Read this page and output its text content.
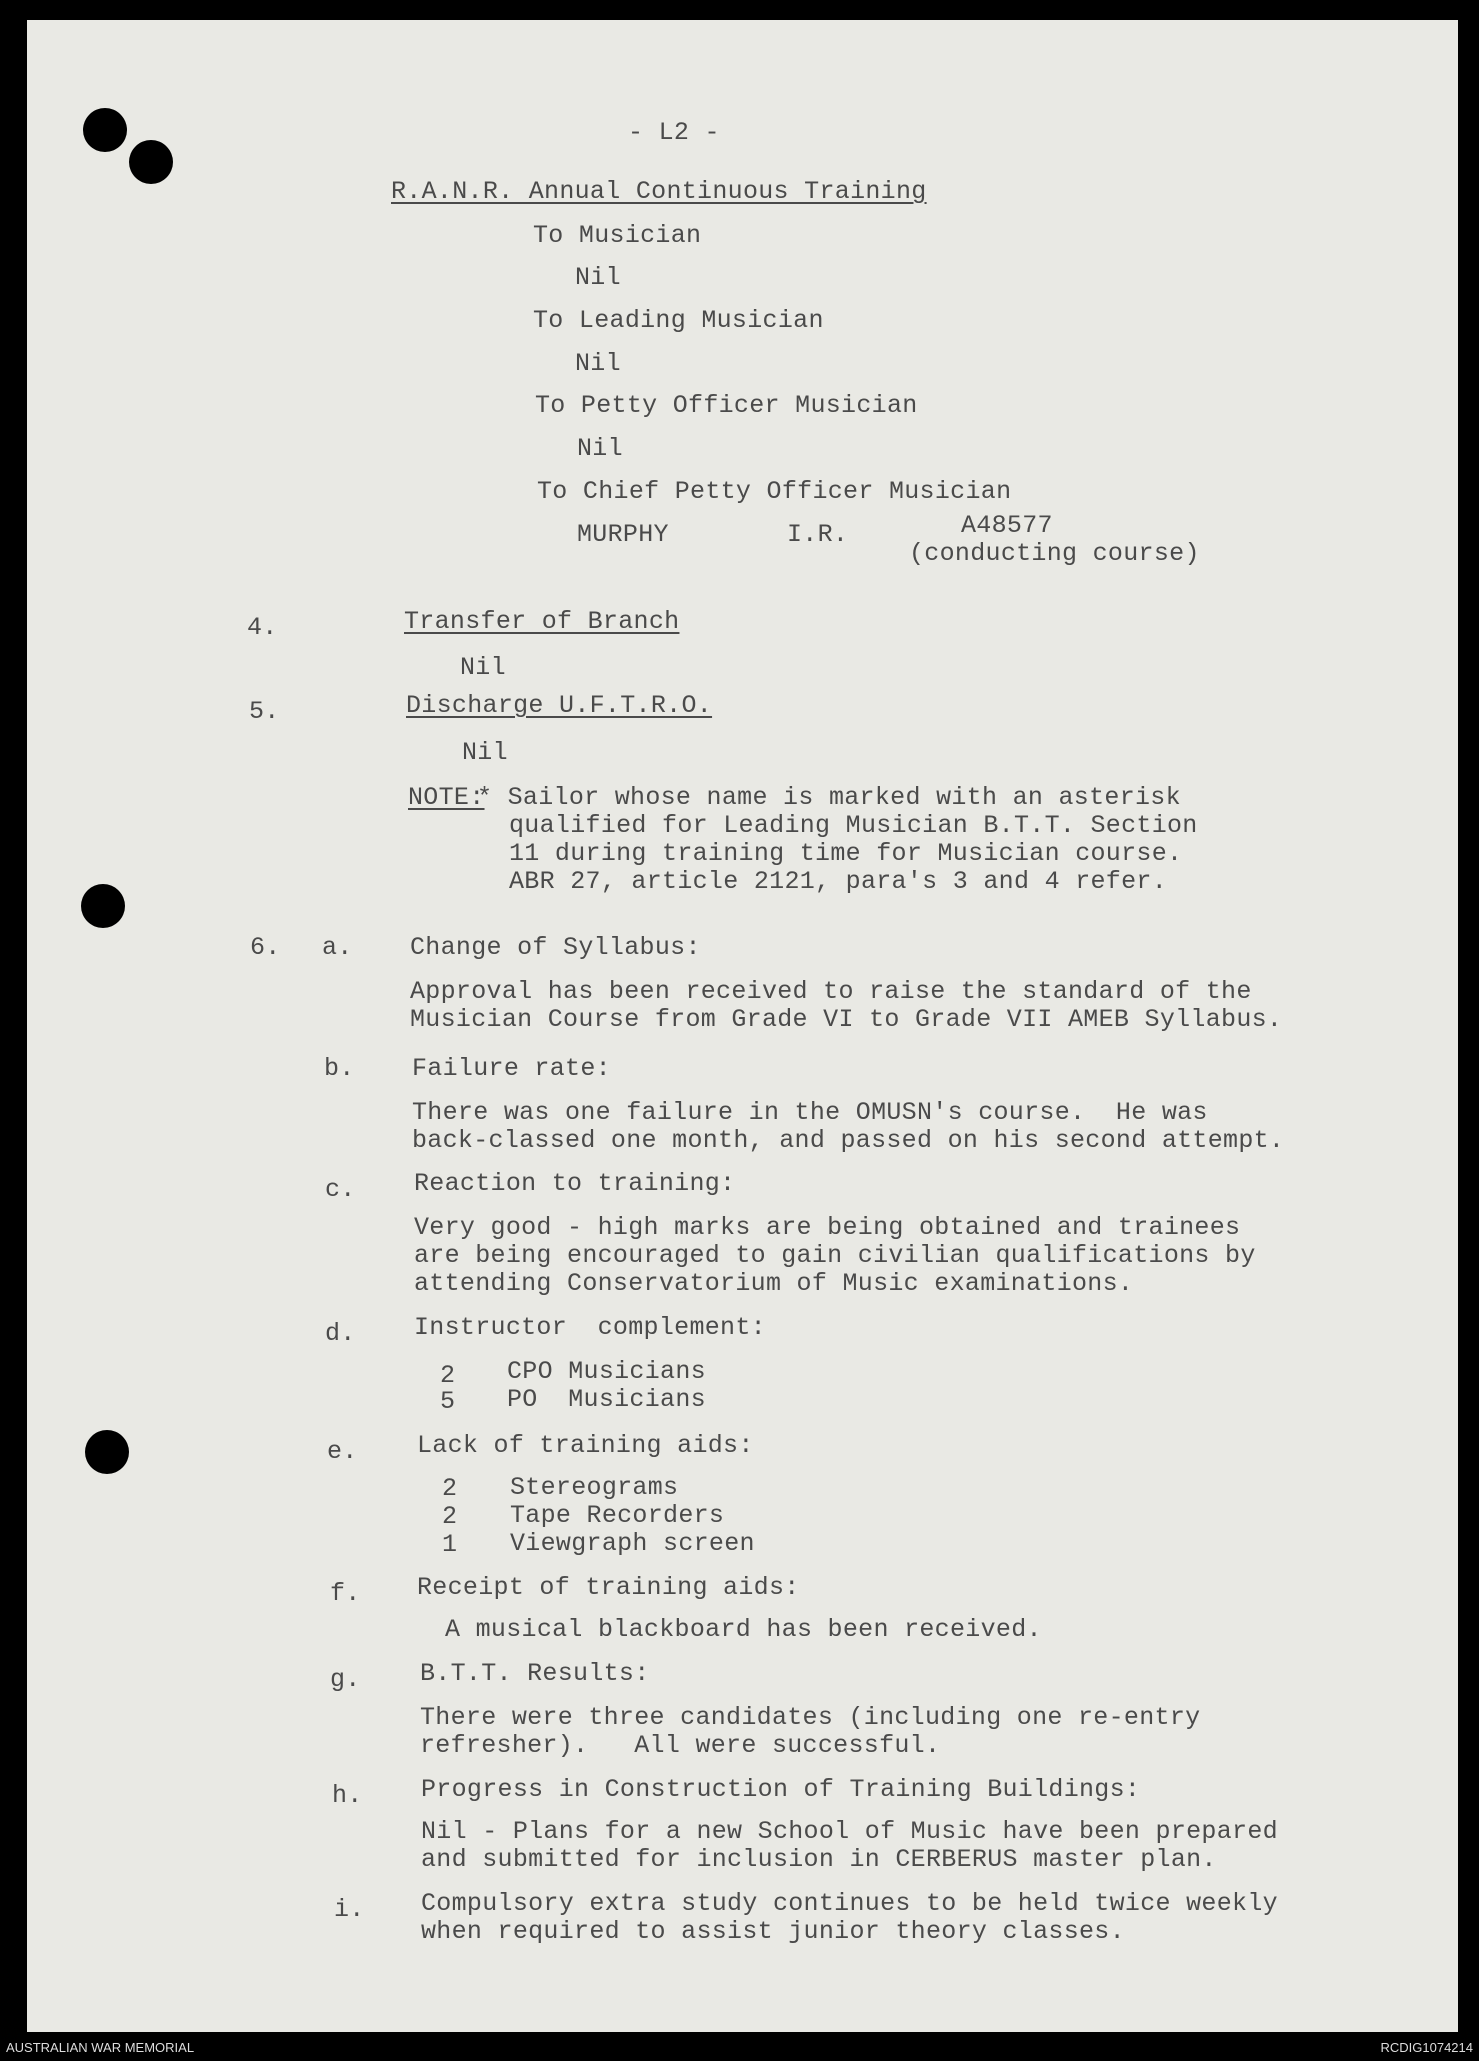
- L2 -
R.A.N.R. Annual Continuous Training
To Musician
Nil
To Leading Musician
Nil
To Petty Officer Musician
Nil
To Chief Petty Officer Musician
MURPHY	I.R.	A48577
(conducting course)
4.	Transfer of Branch
Nil
5.	Discharge U.F.T.R.O.
Nil
NOTE:
* Sailor whose name is marked with an asterisk
qualified for Leading Musician B.T.T. Section
11 during training time for Musician course.
ABR 27, article 2121, para's 3 and 4 refer.
6. a. Change of Syllabus:
Approval has been received to raise the standard of the
Musician Course from Grade VI to Grade VII AMEB Syllabus.
b. Failure rate:
There was one failure in the OMUSN's course.  He was
back-classed one month, and passed on his second attempt.
c. Reaction to training:
Very good - high marks are being obtained and trainees
are being encouraged to gain civilian qualifications by
attending Conservatorium of Music examinations.
d. Instructor  complement:
2 CPO Musicians
5 PO  Musicians
e. Lack of training aids:
2 Stereograms
2 Tape Recorders
1 Viewgraph screen
f. Receipt of training aids:
A musical blackboard has been received.
g. B.T.T. Results:
There were three candidates (including one re-entry
refresher).   All were successful.
h. Progress in Construction of Training Buildings:
Nil - Plans for a new School of Music have been prepared
and submitted for inclusion in CERBERUS master plan.
i. Compulsory extra study continues to be held twice weekly
when required to assist junior theory classes.
AUSTRALIAN WAR MEMORIAL	RCDIG1074214
